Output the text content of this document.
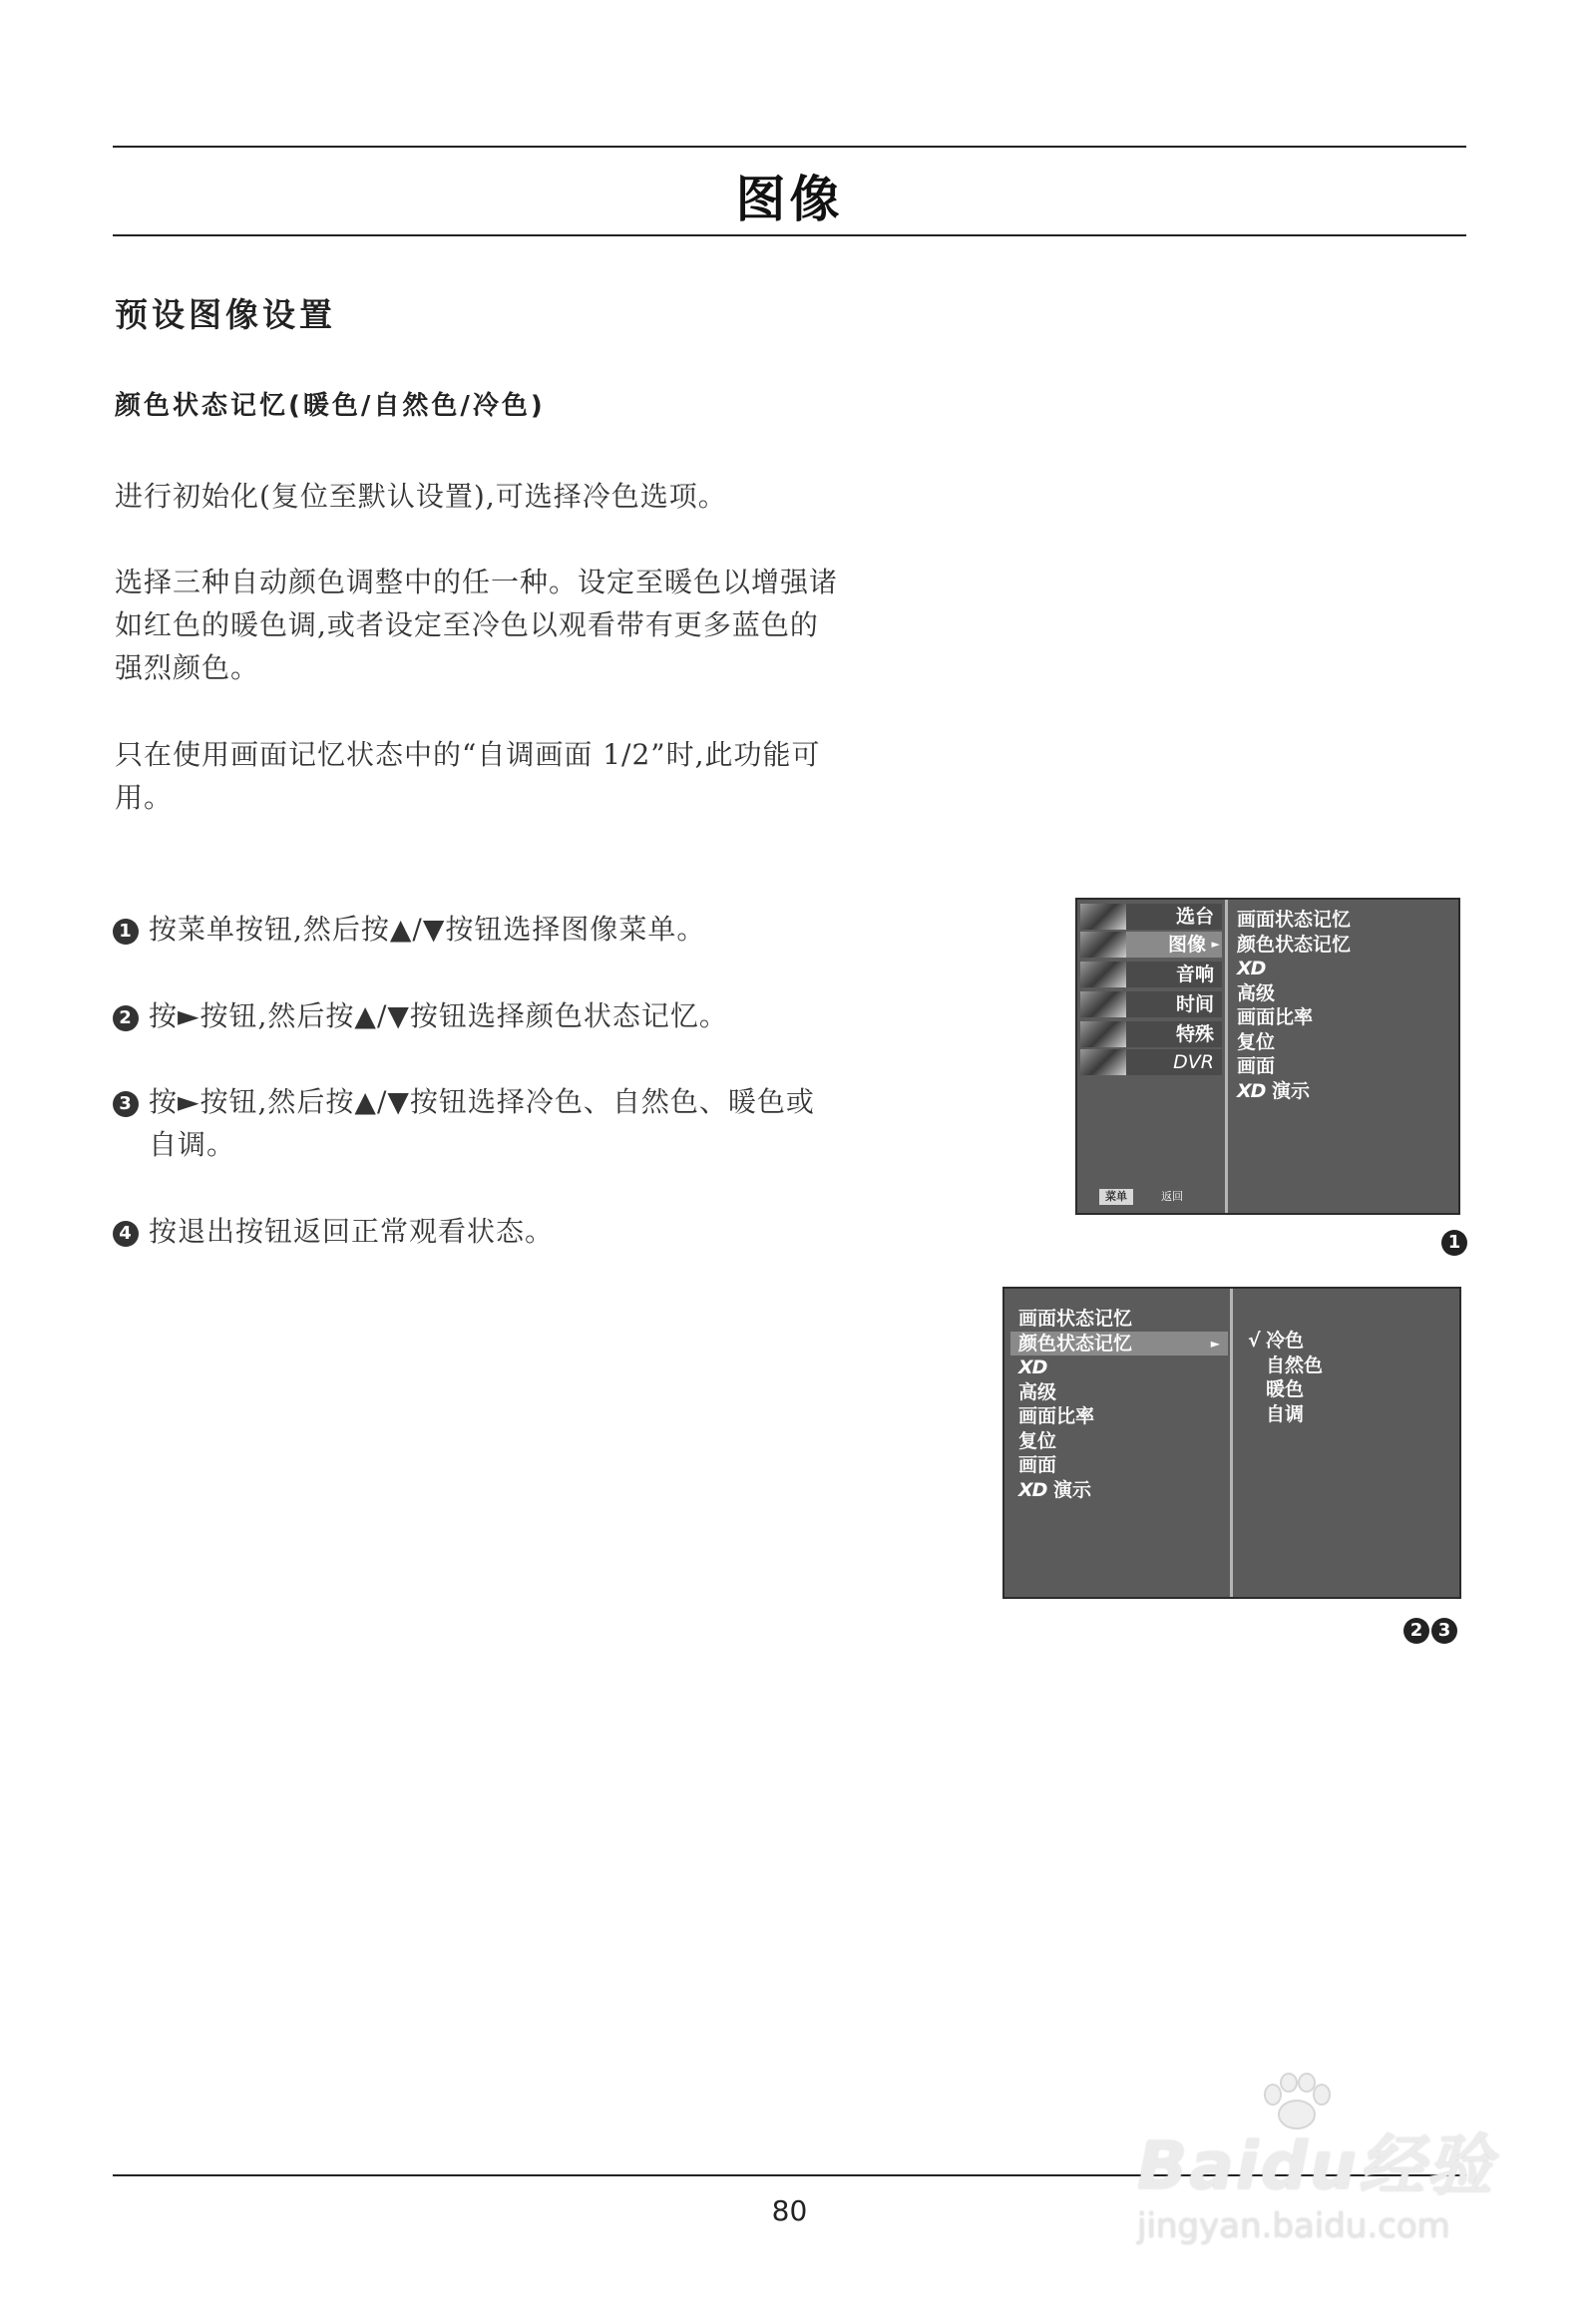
图像
预设图像设置
颜色状态记忆(暖色/自然色/冷色)
进行初始化(复位至默认设置),可选择冷色选项。
选择三种自动颜色调整中的任一种。设定至暖色以增强诸
如红色的暖色调,或者设定至冷色以观看带有更多蓝色的
强烈颜色。
只在使用画面记忆状态中的“自调画面 1/2”时,此功能可
用。
1 按菜单按钮,然后按▲/▼按钮选择图像菜单。
2 按►按钮,然后按▲/▼按钮选择颜色状态记忆。
3 按►按钮,然后按▲/▼按钮选择冷色、自然色、暖色或
自调。
4 按退出按钮返回正常观看状态。
选台
图像 ►
音响
时间
特殊
DVR
菜单	返回
画面状态记忆
颜色状态记忆
XD
高级
画面比率
复位
画面
XD 演示
1
画面状态记忆
颜色状态记忆	►
XD
高级
画面比率
复位
画面
XD 演示
√ 冷色
自然色
暖色
自调
2 3
80
Baidu经验
jingyan.baidu.com
